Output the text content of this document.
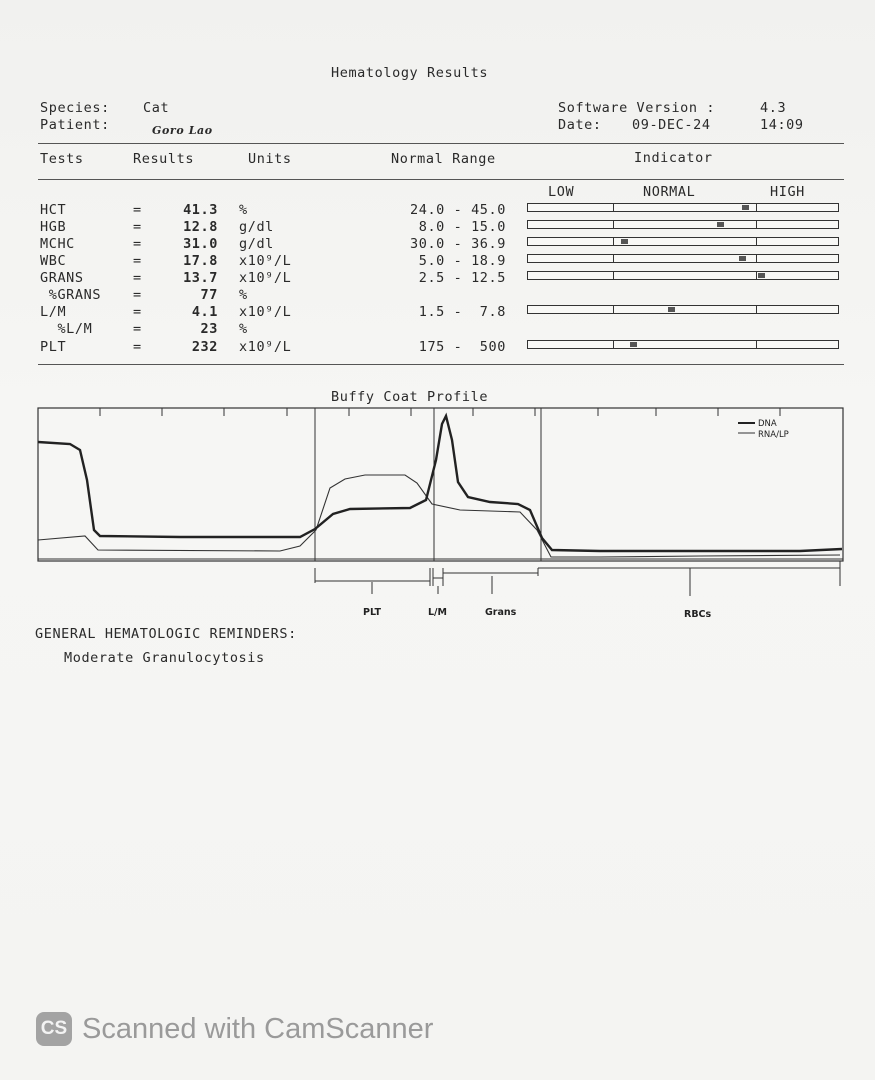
Hematology Results
Species: Cat
Patient:	Goro Lao
Software Version :	4.3
Date: 09-DEC-24	14:09
Tests	Results	Units	Normal Range	Indicator
LOW	NORMAL	HIGH
HCT	=	41.3 %	24.0 - 45.0
HGB	=	12.8 g/dl	8.0 - 15.0
MCHC	=	31.0 g/dl	30.0 - 36.9
WBC	=	17.8 x10⁹/L	5.0 - 18.9
GRANS	=	13.7 x10⁹/L	2.5 - 12.5
%GRANS =	77 %
L/M	=	4.1 x10⁹/L	1.5 -  7.8
%L/M	=	23 %
PLT	=	232 x10⁹/L	175 -  500
Buffy Coat Profile
DNA
RNA/LP
PLT	L/M	Grans	RBCs
GENERAL HEMATOLOGIC REMINDERS:
Moderate Granulocytosis
CS Scanned with CamScanner
